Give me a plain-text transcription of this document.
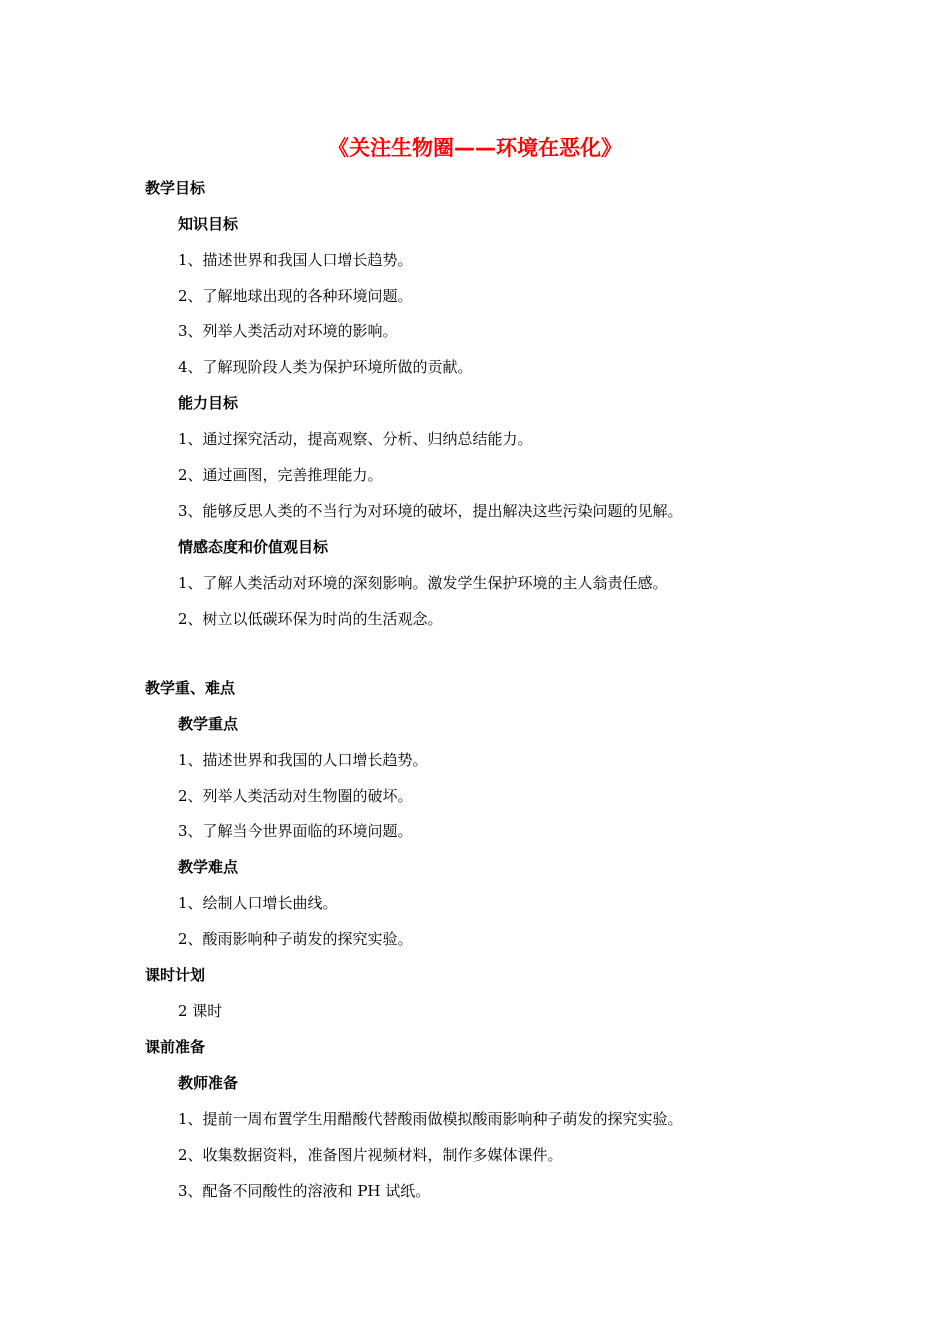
《关注生物圈——环境在恶化》
教学目标
知识目标
1、描述世界和我国人口增长趋势。
2、了解地球出现的各种环境问题。
3、列举人类活动对环境的影响。
4、了解现阶段人类为保护环境所做的贡献。
能力目标
1、通过探究活动，提高观察、分析、归纳总结能力。
2、通过画图，完善推理能力。
3、能够反思人类的不当行为对环境的破坏，提出解决这些污染问题的见解。
情感态度和价值观目标
1、了解人类活动对环境的深刻影响。激发学生保护环境的主人翁责任感。
2、树立以低碳环保为时尚的生活观念。
教学重、难点
教学重点
1、描述世界和我国的人口增长趋势。
2、列举人类活动对生物圈的破坏。
3、了解当今世界面临的环境问题。
教学难点
1、绘制人口增长曲线。
2、酸雨影响种子萌发的探究实验。
课时计划
2 课时
课前准备
教师准备
1、提前一周布置学生用醋酸代替酸雨做模拟酸雨影响种子萌发的探究实验。
2、收集数据资料，准备图片视频材料，制作多媒体课件。
3、配备不同酸性的溶液和 PH 试纸。
